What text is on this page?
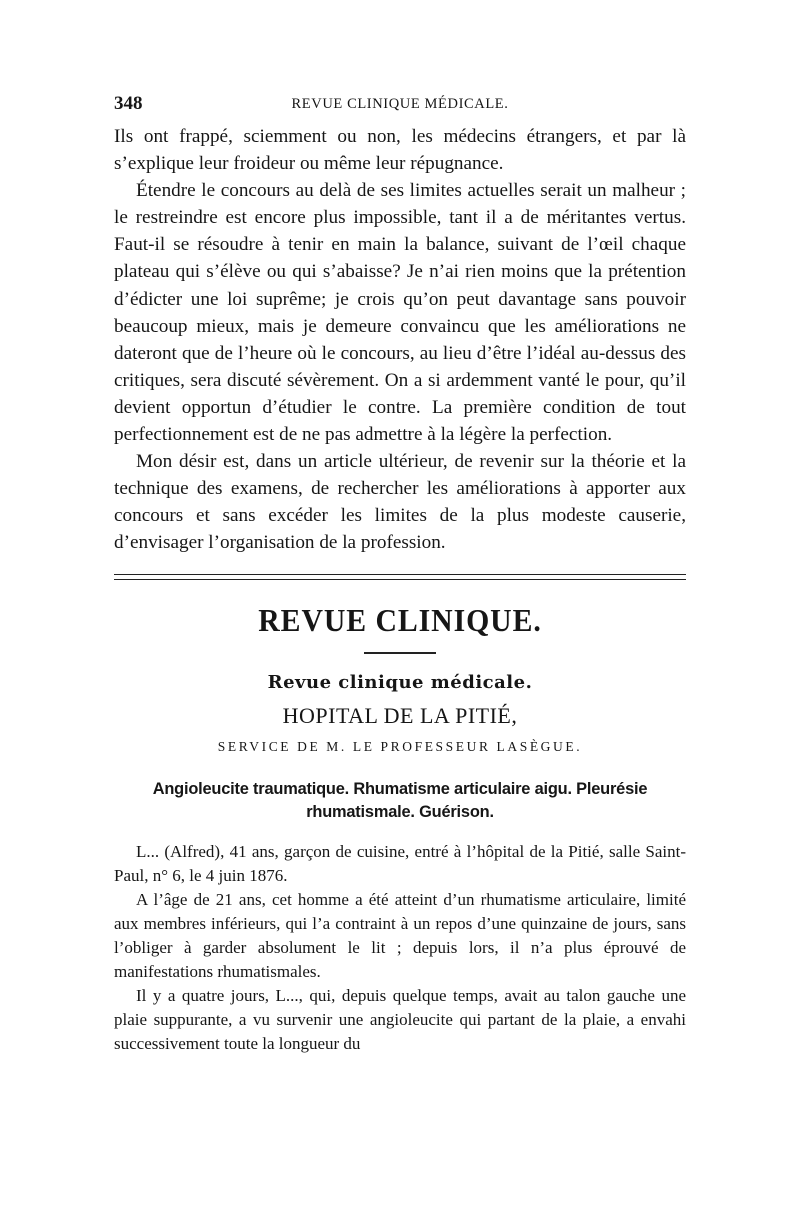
348	REVUE CLINIQUE MÉDICALE.

Ils ont frappé, sciemment ou non, les médecins étrangers, et par là s’explique leur froideur ou même leur répugnance.

Étendre le concours au delà de ses limites actuelles serait un malheur ; le restreindre est encore plus impossible, tant il a de méritantes vertus. Faut-il se résoudre à tenir en main la balance, suivant de l’œil chaque plateau qui s’élève ou qui s’abaisse? Je n’ai rien moins que la prétention d’édicter une loi suprême; je crois qu’on peut davantage sans pouvoir beaucoup mieux, mais je demeure convaincu que les améliorations ne dateront que de l’heure où le concours, au lieu d’être l’idéal au-dessus des critiques, sera discuté sévèrement. On a si ardemment vanté le pour, qu’il devient opportun d’étudier le contre. La première condition de tout perfectionnement est de ne pas admettre à la légère la perfection.

Mon désir est, dans un article ultérieur, de revenir sur la théorie et la technique des examens, de rechercher les améliorations à apporter aux concours et sans excéder les limites de la plus modeste causerie, d’envisager l’organisation de la profession.

REVUE CLINIQUE.
Revue clinique médicale.
HOPITAL DE LA PITIÉ,
SERVICE DE M. LE PROFESSEUR LASÈGUE.
Angioleucite traumatique. Rhumatisme articulaire aigu. Pleurésie rhumatismale. Guérison.

L... (Alfred), 41 ans, garçon de cuisine, entré à l’hôpital de la Pitié, salle Saint-Paul, n° 6, le 4 juin 1876.

A l’âge de 21 ans, cet homme a été atteint d’un rhumatisme articulaire, limité aux membres inférieurs, qui l’a contraint à un repos d’une quinzaine de jours, sans l’obliger à garder absolument le lit ; depuis lors, il n’a plus éprouvé de manifestations rhumatismales.

Il y a quatre jours, L..., qui, depuis quelque temps, avait au talon gauche une plaie suppurante, a vu survenir une angioleucite qui partant de la plaie, a envahi successivement toute la longueur du
